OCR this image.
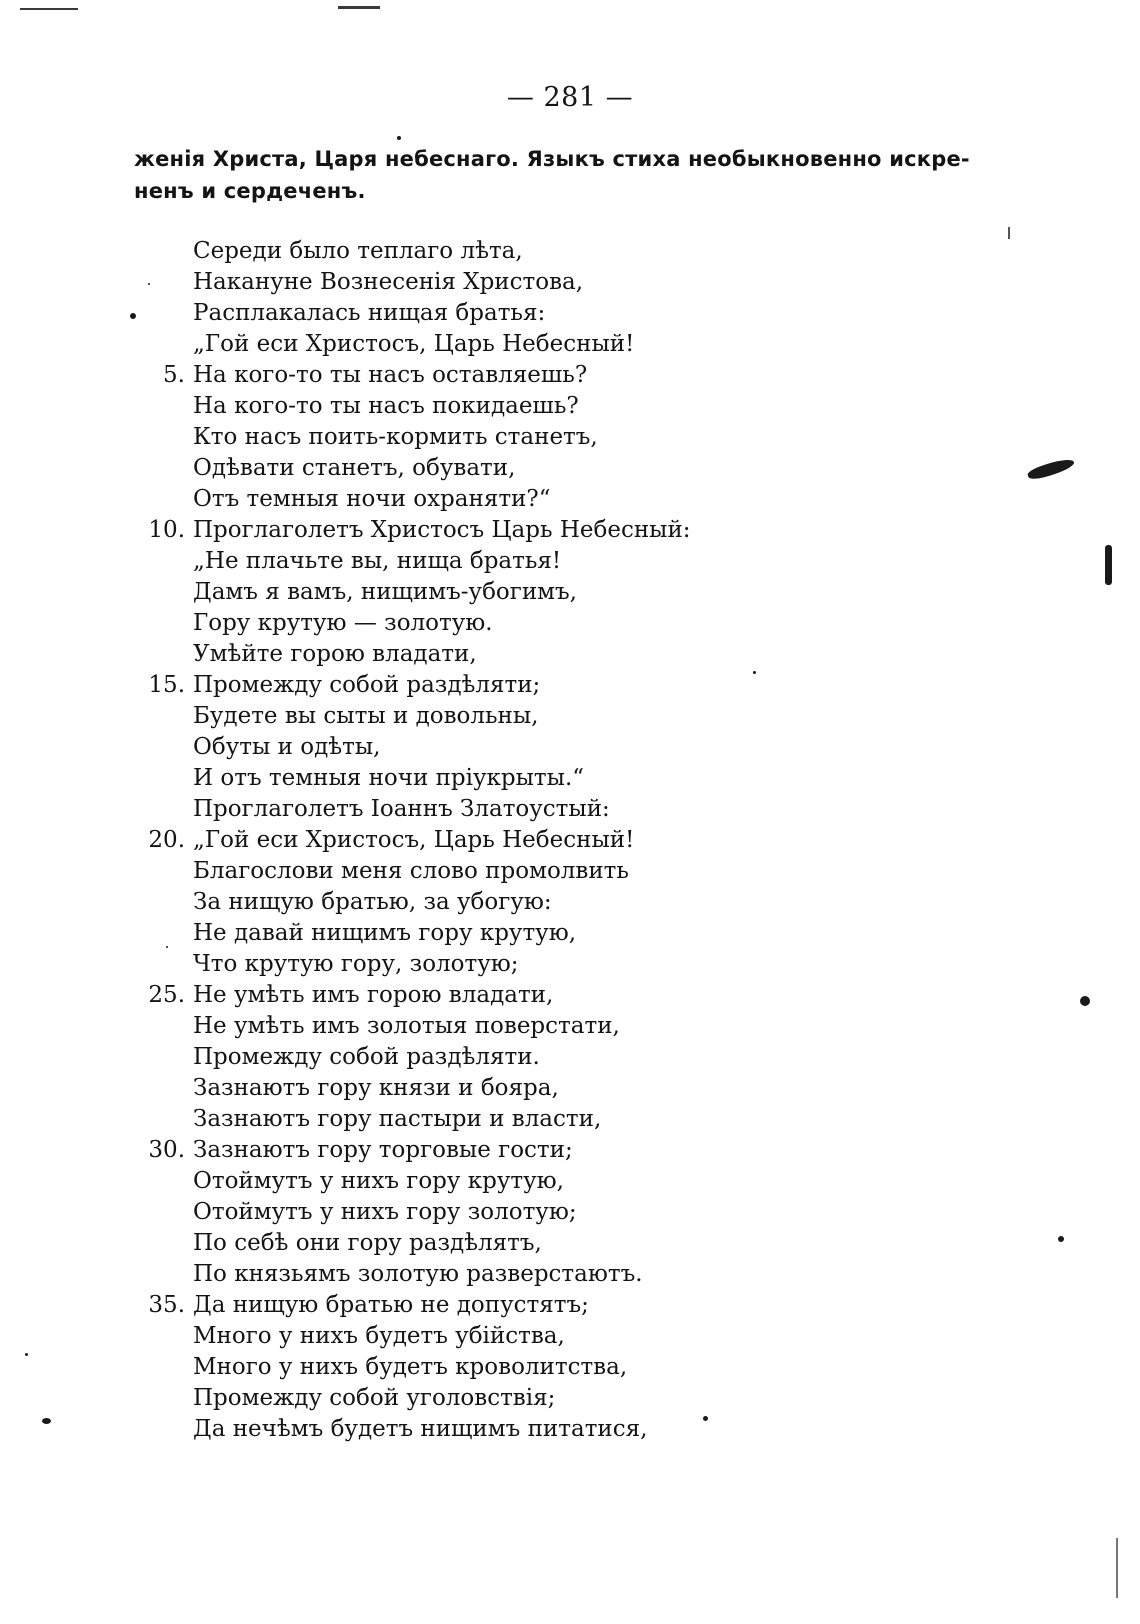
— 281 —
женія Христа, Царя небеснаго. Языкъ стиха необыкновенно искре-
ненъ и сердеченъ.
Середи было теплаго лѣта,
Накануне Вознесенія Христова,
Расплакалась нищая братья:
„Гой еси Христосъ, Царь Небесный!
5. На кого-то ты насъ оставляешь?
На кого-то ты насъ покидаешь?
Кто насъ поить-кормить станетъ,
Одѣвати станетъ, обувати,
Отъ темныя ночи охраняти?“
10. Проглаголетъ Христосъ Царь Небесный:
„Не плачьте вы, нища братья!
Дамъ я вамъ, нищимъ-убогимъ,
Гору крутую — золотую.
Умѣйте горою владати,
15. Промежду собой раздѣляти;
Будете вы сыты и довольны,
Обуты и одѣты,
И отъ темныя ночи пріукрыты.“
Проглаголетъ Іоаннъ Златоустый:
20. „Гой еси Христосъ, Царь Небесный!
Благослови меня слово промолвить
За нищую братью, за убогую:
Не давай нищимъ гору крутую,
Что крутую гору, золотую;
25. Не умѣть имъ горою владати,
Не умѣть имъ золотыя поверстати,
Промежду собой раздѣляти.
Зазнаютъ гору князи и бояра,
Зазнаютъ гору пастыри и власти,
30. Зазнаютъ гору торговые гости;
Отоймутъ у нихъ гору крутую,
Отоймутъ у нихъ гору золотую;
По себѣ они гору раздѣлятъ,
По князьямъ золотую разверстаютъ.
35. Да нищую братью не допустятъ;
Много у нихъ будетъ убійства,
Много у нихъ будетъ кроволитства,
Промежду собой уголовствія;
Да нечѣмъ будетъ нищимъ питатися,
